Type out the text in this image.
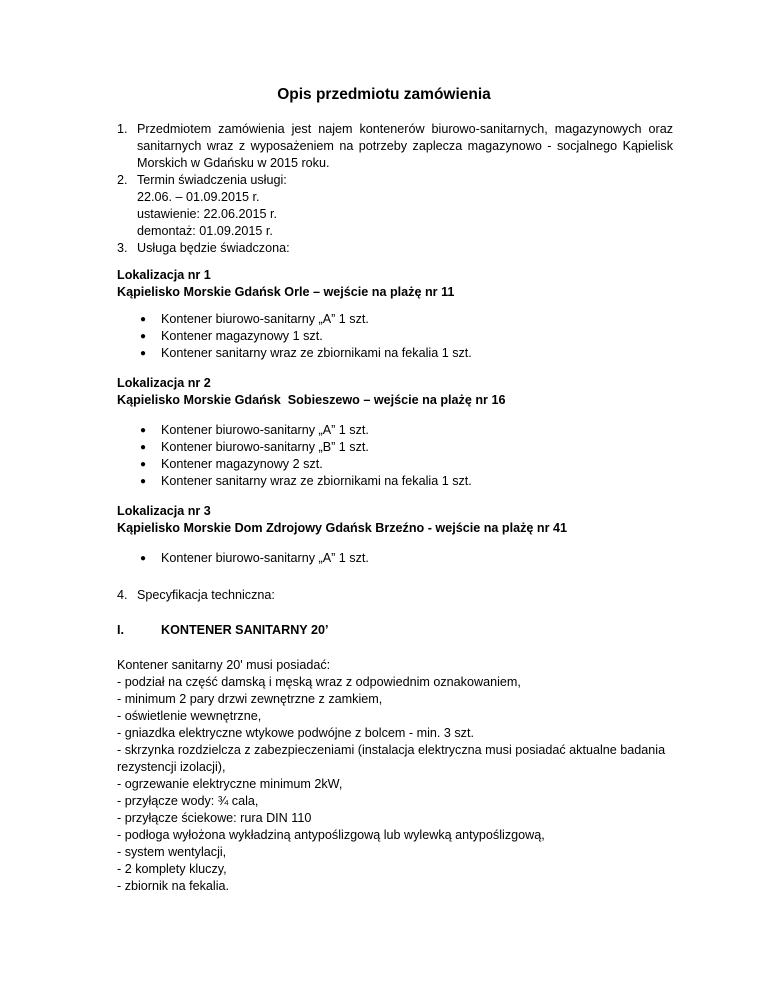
Opis przedmiotu zamówienia
1. Przedmiotem zamówienia jest najem kontenerów biurowo-sanitarnych, magazynowych oraz
sanitarnych wraz z wyposażeniem na potrzeby zaplecza magazynowo - socjalnego Kąpielisk
Morskich w Gdańsku w 2015 roku.
2. Termin świadczenia usługi:
22.06. – 01.09.2015 r.
ustawienie: 22.06.2015 r.
demontaż: 01.09.2015 r.
3. Usługa będzie świadczona:
Lokalizacja nr 1
Kąpielisko Morskie Gdańsk Orle – wejście na plażę nr 11
● Kontener biurowo-sanitarny „A” 1 szt.
● Kontener magazynowy 1 szt.
● Kontener sanitarny wraz ze zbiornikami na fekalia 1 szt.
Lokalizacja nr 2
Kąpielisko Morskie Gdańsk  Sobieszewo – wejście na plażę nr 16
● Kontener biurowo-sanitarny „A” 1 szt.
● Kontener biurowo-sanitarny „B” 1 szt.
● Kontener magazynowy 2 szt.
● Kontener sanitarny wraz ze zbiornikami na fekalia 1 szt.
Lokalizacja nr 3
Kąpielisko Morskie Dom Zdrojowy Gdańsk Brzeźno - wejście na plażę nr 41
● Kontener biurowo-sanitarny „A” 1 szt.
4. Specyfikacja techniczna:
I.	KONTENER SANITARNY 20’
Kontener sanitarny 20' musi posiadać:
- podział na część damską i męską wraz z odpowiednim oznakowaniem,
- minimum 2 pary drzwi zewnętrzne z zamkiem,
- oświetlenie wewnętrzne,
- gniazdka elektryczne wtykowe podwójne z bolcem - min. 3 szt.
- skrzynka rozdzielcza z zabezpieczeniami (instalacja elektryczna musi posiadać aktualne badania
rezystencji izolacji),
- ogrzewanie elektryczne minimum 2kW,
- przyłącze wody: ¾ cala,
- przyłącze ściekowe: rura DIN 110
- podłoga wyłożona wykładziną antypoślizgową lub wylewką antypoślizgową,
- system wentylacji,
- 2 komplety kluczy,
- zbiornik na fekalia.
